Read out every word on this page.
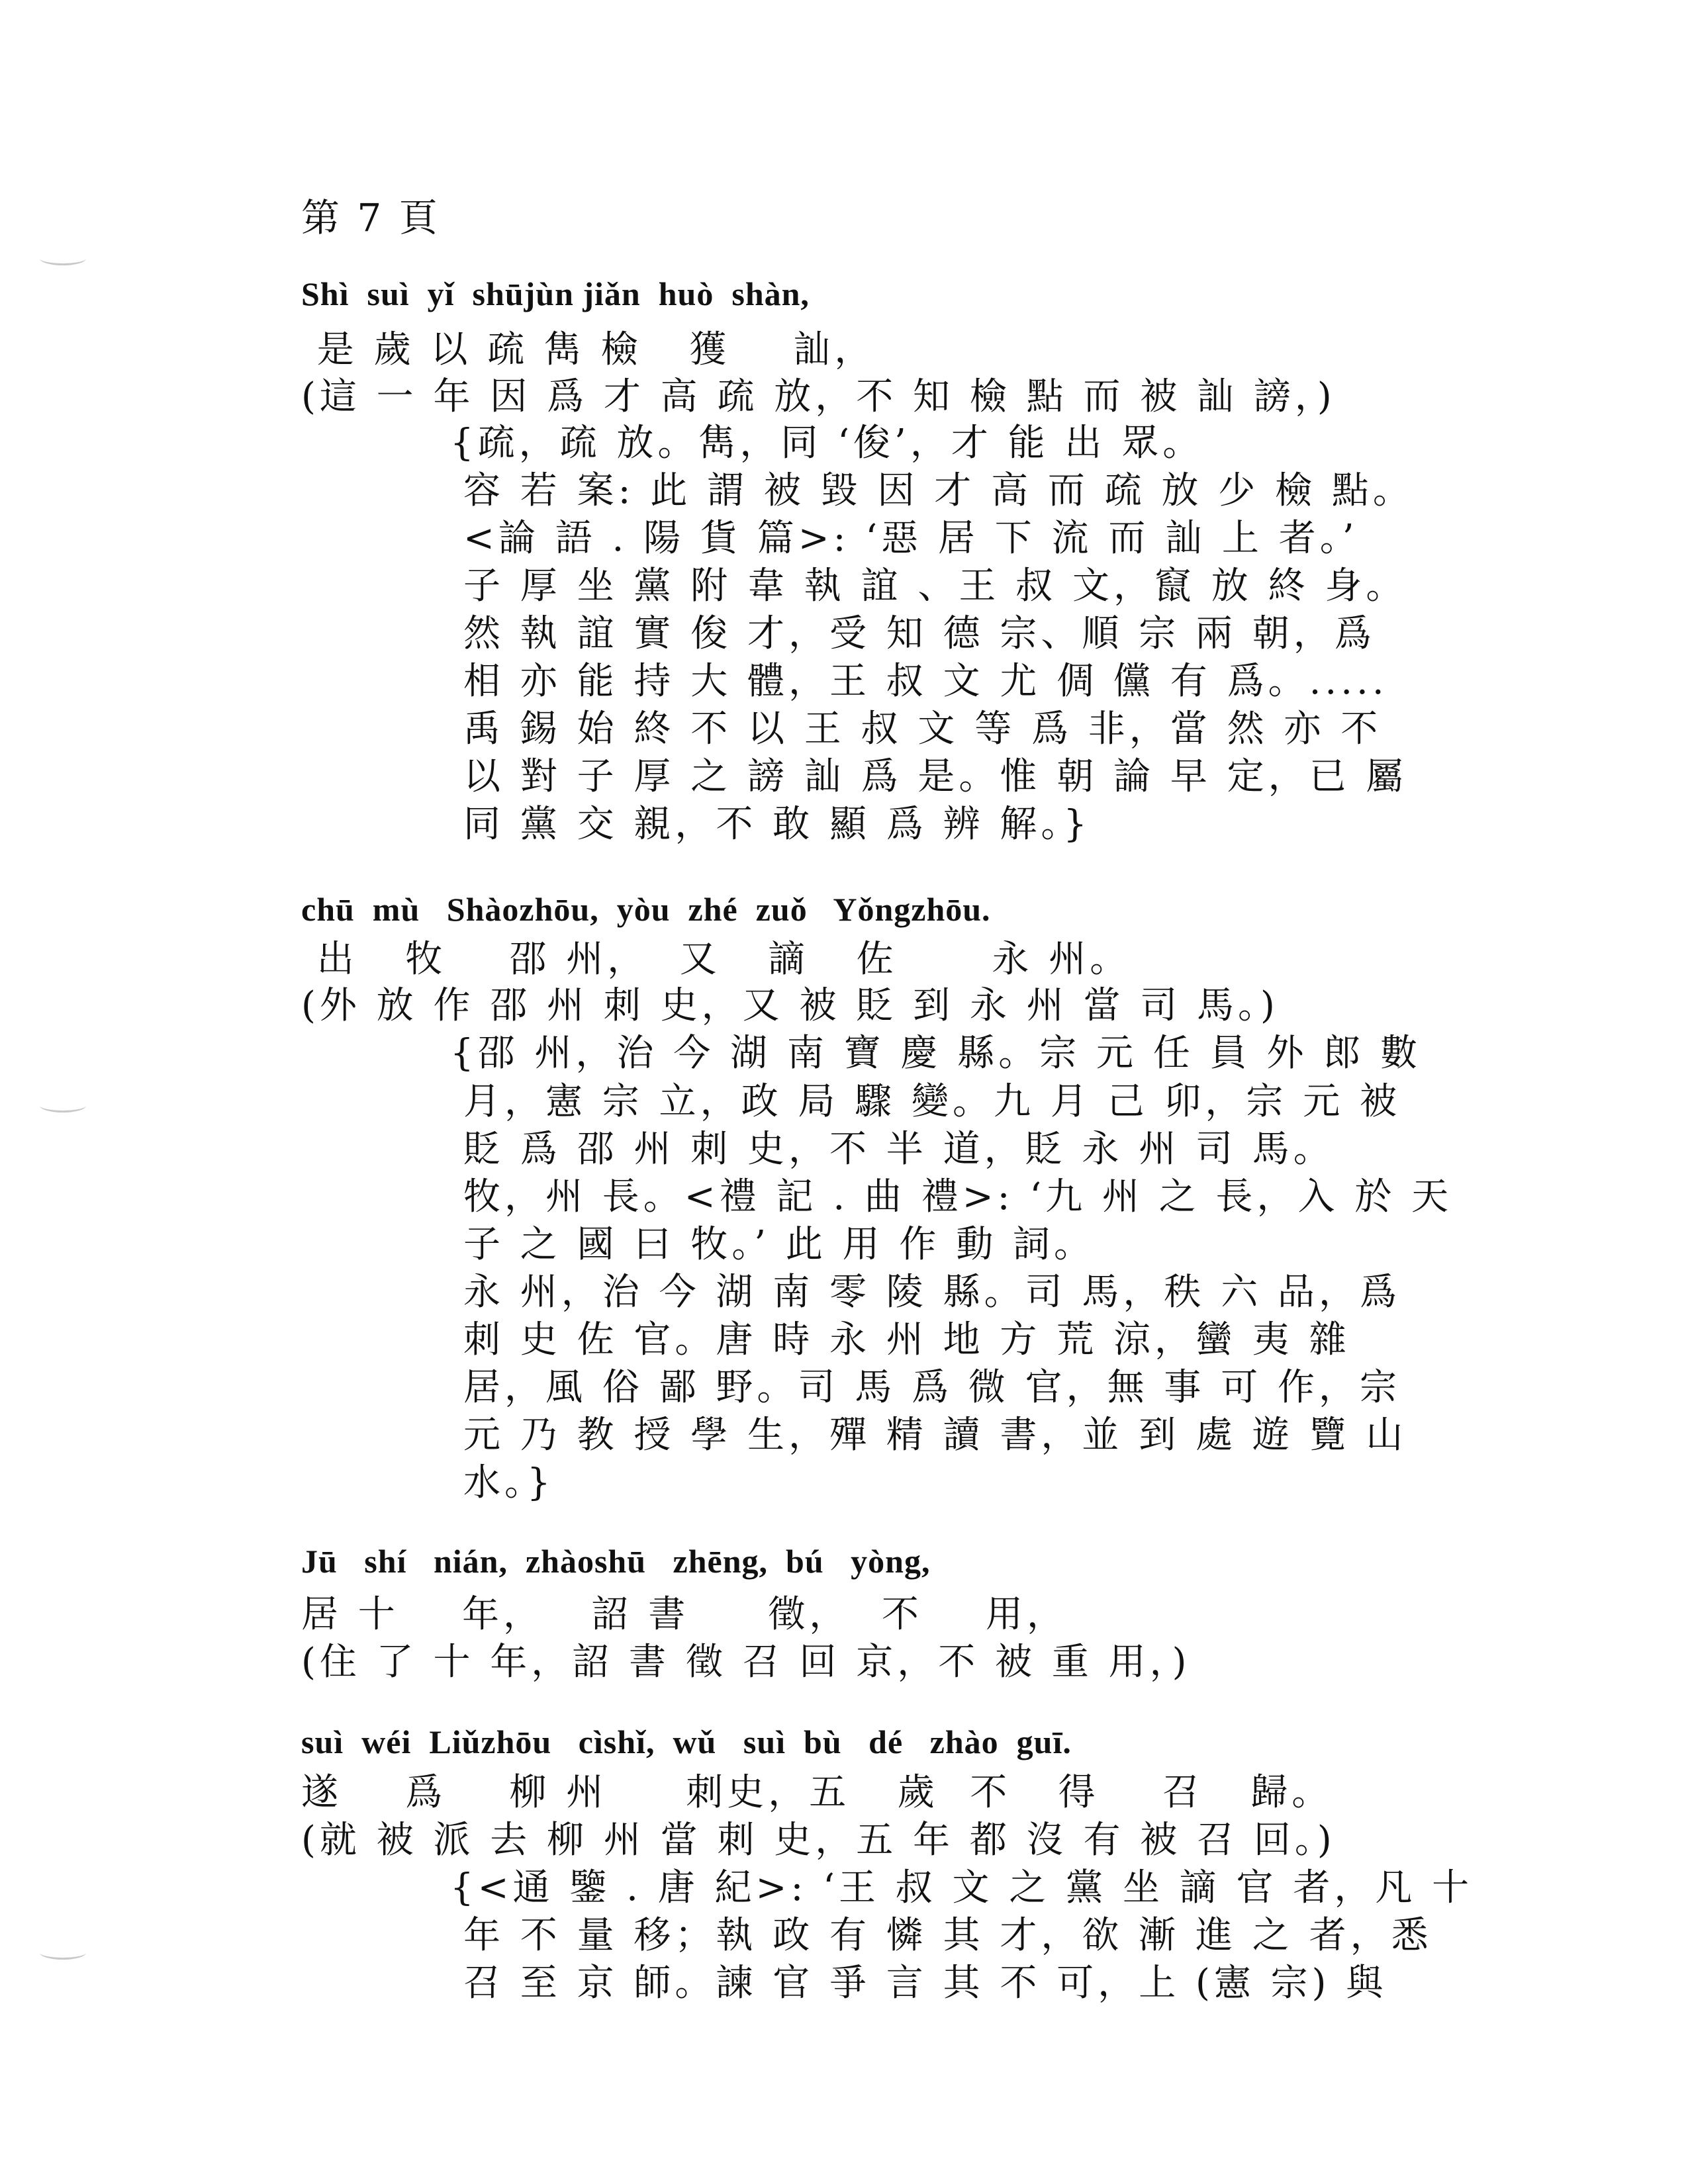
第 7 頁
Shì  suì  yǐ  shūjùn jiǎn  huò  shàn,
是 歲 以 疏 雋 檢   獲    訕，
(這 一 年 因 爲 才 高 疏 放，不 知 檢 點 而 被 訕 謗，)
{疏，疏 放。雋，同 ‘俊’，才 能 出 眾。
容 若 案: 此 謂 被 毀 因 才 高 而 疏 放 少 檢 點。
<論 語 . 陽 貨 篇>: ‘惡 居 下 流 而 訕 上 者。’
子 厚 坐 黨 附 韋 執 誼 、王 叔 文，竄 放 終 身。
然 執 誼 實 俊 才，受 知 德 宗、順 宗 兩 朝，爲
相 亦 能 持 大 體，王 叔 文 尤 倜 儻 有 爲。.....
禹 錫 始 終 不 以 王 叔 文 等 爲 非，當 然 亦 不
以 對 子 厚 之 謗 訕 爲 是。惟 朝 論 早 定，已 屬
同 黨 交 親，不 敢 顯 爲 辨 解。}
chū  mù   Shàozhōu,  yòu  zhé  zuǒ   Yǒngzhōu.
出   牧    邵 州，  又   謫   佐      永 州。
(外 放 作 邵 州 刺 史，又 被 貶 到 永 州 當 司 馬。)
{邵 州，治 今 湖 南 寶 慶 縣。宗 元 任 員 外 郎 數
月，憲 宗 立，政 局 驟 變。九 月 己 卯，宗 元 被
貶 爲 邵 州 刺 史，不 半 道，貶 永 州 司 馬。
牧，州 長。<禮 記 . 曲 禮>: ‘九 州 之 長，入 於 天
子 之 國 曰 牧。’ 此 用 作 動 詞。
永 州，治 今 湖 南 零 陵 縣。司 馬，秩 六 品，爲
刺 史 佐 官。唐 時 永 州 地 方 荒 涼，蠻 夷 雜
居，風 俗 鄙 野。司 馬 爲 微 官，無 事 可 作，宗
元 乃 教 授 學 生，殫 精 讀 書，並 到 處 遊 覽 山
水。}
Jū   shí   nián,  zhàoshū   zhēng,  bú   yòng,
居 十    年，   詔 書     徵，  不    用，
(住 了 十 年，詔 書 徵 召 回 京，不 被 重 用，)
suì  wéi  Liǔzhōu   cìshǐ,  wǔ   suì  bù   dé   zhào  guī.
遂    爲    柳 州     刺史，五   歲  不   得    召   歸。
(就 被 派 去 柳 州 當 刺 史，五 年 都 沒 有 被 召 回。)
{<通 鑒 . 唐 紀>: ‘王 叔 文 之 黨 坐 謫 官 者，凡 十
年 不 量 移；執 政 有 憐 其 才，欲 漸 進 之 者，悉
召 至 京 師。諫 官 爭 言 其 不 可，上 (憲 宗) 與
